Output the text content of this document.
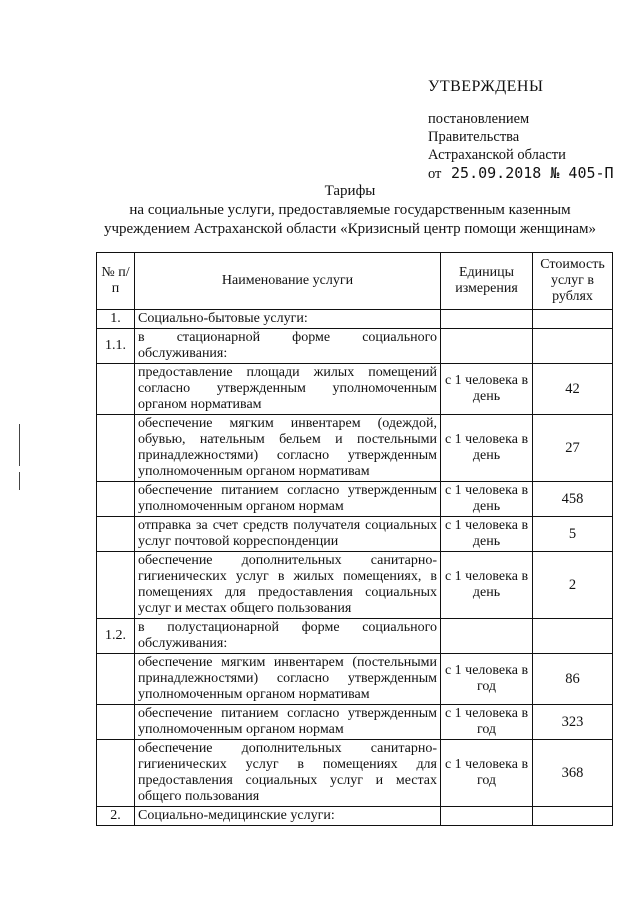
УТВЕРЖДЕНЫ
постановлением
Правительства
Астраханской области
от 25.09.2018 № 405-П
Тарифы
на социальные услуги, предоставляемые государственным казенным
учреждением Астраханской области «Кризисный центр помощи женщинам»
№ п/п	Наименование услуги	Единицы измерения	Стоимость услуг в рублях
1.	Социально-бытовые услуги:		
1.1.	в стационарной форме социального обслуживания:		
	предоставление площади жилых помещений согласно утвержденным уполномоченным органом нормативам	с 1 человека в день	42
	обеспечение мягким инвентарем (одеждой, обувью, нательным бельем и постельными принадлежностями) согласно утвержденным уполномоченным органом нормативам	с 1 человека в день	27
	обеспечение питанием согласно утвержденным уполномоченным органом нормам	с 1 человека в день	458
	отправка за счет средств получателя социальных услуг почтовой корреспонденции	с 1 человека в день	5
	обеспечение дополнительных санитарно-гигиенических услуг в жилых помещениях, в помещениях для предоставления социальных услуг и местах общего пользования	с 1 человека в день	2
1.2.	в полустационарной форме социального обслуживания:		
	обеспечение мягким инвентарем (постельными принадлежностями) согласно утвержденным уполномоченным органом нормативам	с 1 человека в год	86
	обеспечение питанием согласно утвержденным уполномоченным органом нормам	с 1 человека в год	323
	обеспечение дополнительных санитарно-гигиенических услуг в помещениях для предоставления социальных услуг и местах общего пользования	с 1 человека в год	368
2.	Социально-медицинские услуги:		
